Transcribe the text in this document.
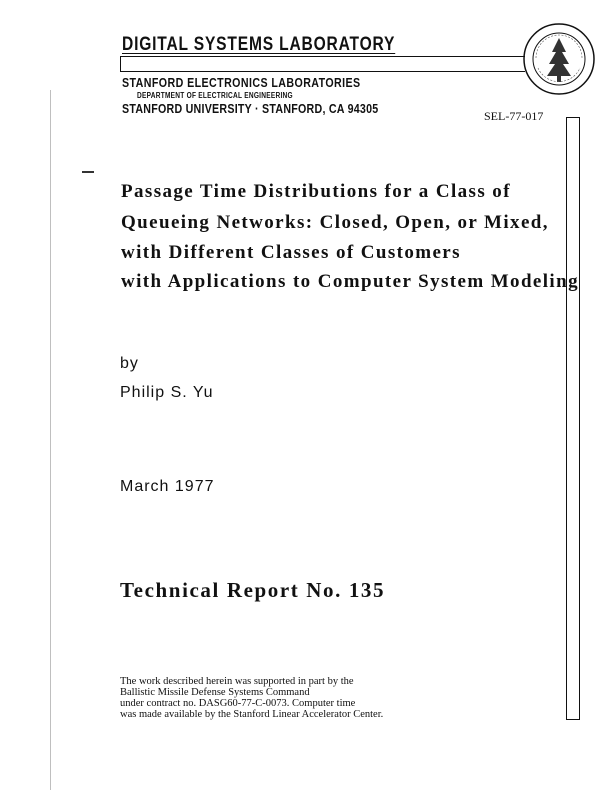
DIGITAL SYSTEMS LABORATORY
STANFORD ELECTRONICS LABORATORIES
DEPARTMENT OF ELECTRICAL ENGINEERING
STANFORD UNIVERSITY · STANFORD, CA 94305	SEL-77-017
Passage Time Distributions for a Class of
Queueing Networks: Closed, Open, or Mixed,
with Different Classes of Customers
with Applications to Computer System Modeling
by
Philip S. Yu
March 1977
Technical Report No. 135
The work described herein was supported in part by the
Ballistic Missile Defense Systems Command
under contract no. DASG60-77-C-0073. Computer time
was made available by the Stanford Linear Accelerator Center.
